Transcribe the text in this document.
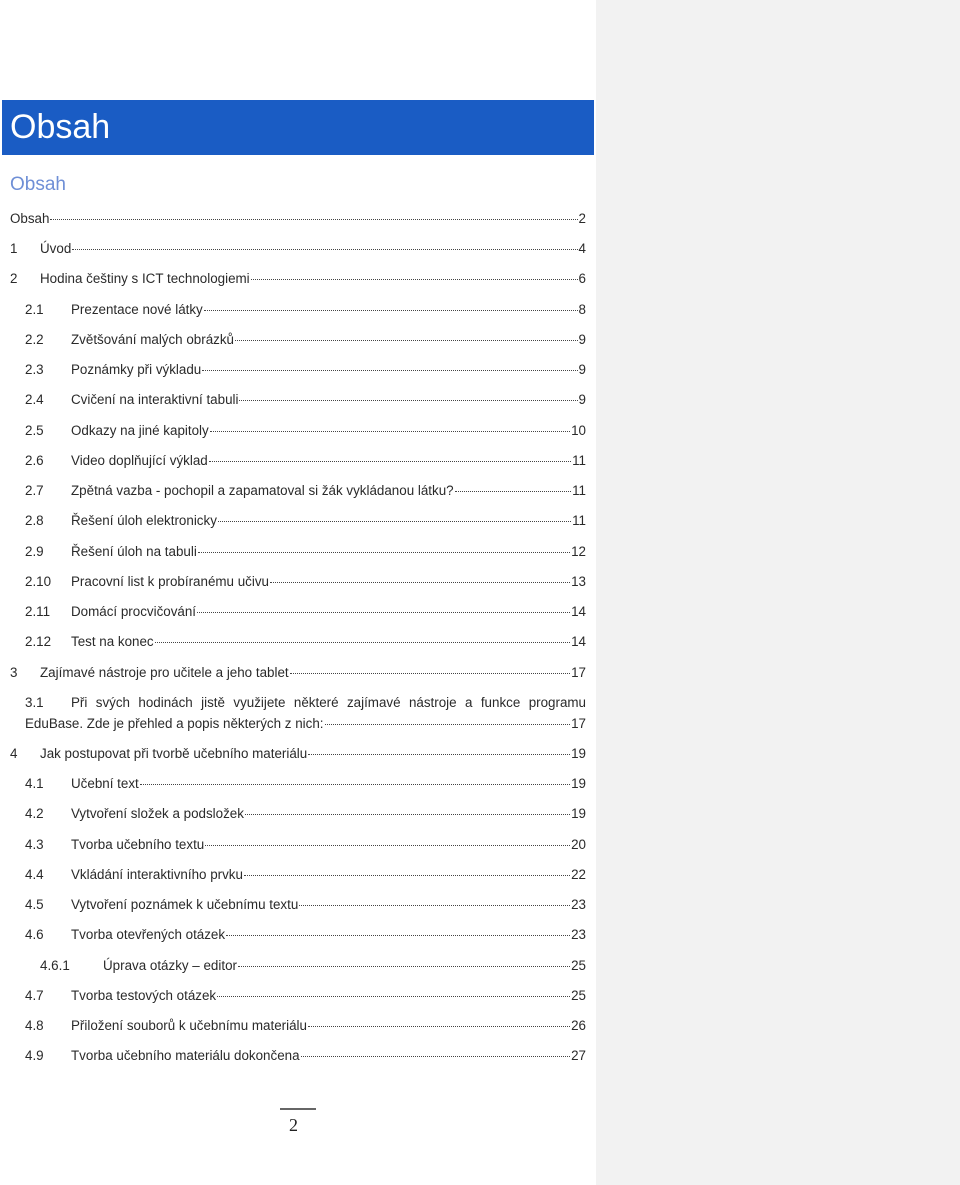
Obsah
Obsah
Obsah	2
1	Úvod	4
2	Hodina češtiny s ICT technologiemi	6
2.1	Prezentace nové látky	8
2.2	Zvětšování malých obrázků	9
2.3	Poznámky při výkladu	9
2.4	Cvičení na interaktivní tabuli	9
2.5	Odkazy na jiné kapitoly	10
2.6	Video doplňující výklad	11
2.7	Zpětná vazba - pochopil a zapamatoval si žák vykládanou látku?	11
2.8	Řešení úloh elektronicky	11
2.9	Řešení úloh na tabuli	12
2.10	Pracovní list k probíranému učivu	13
2.11	Domácí procvičování	14
2.12	Test na konec	14
3	Zajímavé nástroje pro učitele a jeho tablet	17
3.1 Při svých hodinách jistě využijete některé zajímavé nástroje a funkce programu
EduBase. Zde je přehled a popis některých z nich:	17
4	Jak postupovat při tvorbě učebního materiálu	19
4.1	Učební text	19
4.2	Vytvoření složek a podsložek	19
4.3	Tvorba učebního textu	20
4.4	Vkládání interaktivního prvku	22
4.5	Vytvoření poznámek k učebnímu textu	23
4.6	Tvorba otevřených otázek	23
4.6.1	Úprava otázky – editor	25
4.7	Tvorba testových otázek	25
4.8	Přiložení souborů k učebnímu materiálu	26
4.9	Tvorba učebního materiálu dokončena	27
2
